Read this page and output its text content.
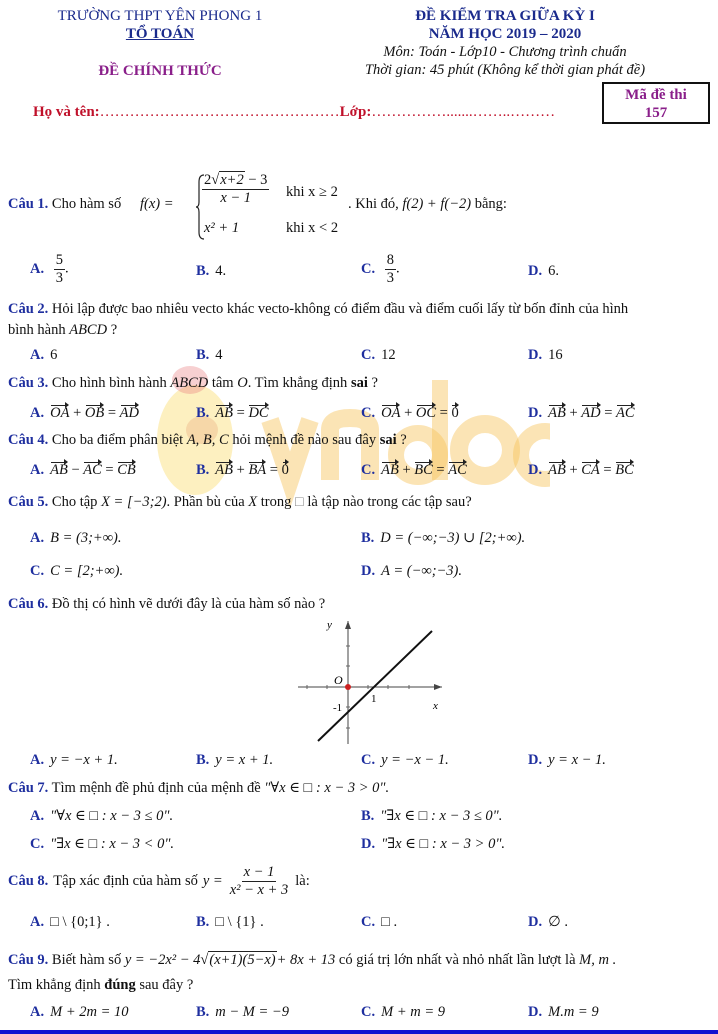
TRƯỜNG THPT YÊN PHONG 1
TỔ TOÁN
ĐỀ CHÍNH THỨC
ĐỀ KIỂM TRA GIỮA KỲ I
NĂM HỌC 2019 – 2020
Môn: Toán - Lớp10 - Chương trình chuẩn
Thời gian: 45 phút (Không kể thời gian phát đề)
Họ và tên:…………………………………………Lớp:…………….......……..………
Mã đề thi
157
Câu 1. Cho hàm số $f(x) = \frac{2√x+2 - 3}{x - 1}$ khi x ≥ 2
x² + 1	khi x < 2
. Khi đó, f(2) + f(−2) bằng:
A. $\frac{5}{3}$ .	B. 4.	C. $\frac{8}{3}$ .	D. 6.
Câu 2. Hỏi lập được bao nhiêu vecto khác vecto-không có điểm đầu và điểm cuối lấy từ bốn đỉnh của hình
bình hành ABCD ?
A. 6	B. 4	C. 12	D. 16
Câu 3. Cho hình bình hành ABCD tâm O. Tìm khẳng định sai ?
A. OA + OB = AD	B. AB = DC	C. OA + OC = 0	D. AB + AD = AC
Câu 4. Cho ba điểm phân biệt A, B, C hỏi mệnh đề nào sau đây sai ?
A. AB − AC = CB	B. AB + BA = 0	C. AB + BC = AC	D. AB + CA = BC
Câu 5. Cho tập X = [−3;2). Phần bù của X trong □ là tập nào trong các tập sau?
A. B = (3;+∞).	B. D = (−∞;−3) ∪ [2;+∞).
C. C = [2;+∞).	D. A = (−∞;−3).
Câu 6. Đồ thị có hình vẽ dưới đây là của hàm số nào ?
y
x
O
1
-1
A. y = −x + 1.	B. y = x + 1.	C. y = −x − 1.	D. y = x − 1.
Câu 7. Tìm mệnh đề phủ định của mệnh đề "∀x ∈ □ : x − 3 > 0".
A. "∀x ∈ □ : x − 3 ≤ 0".	B. "∃x ∈ □ : x − 3 ≤ 0".
C. "∃x ∈ □ : x − 3 < 0".	D. "∃x ∈ □ : x − 3 > 0".
Câu 8. Tập xác định của hàm số $y = \frac{x - 1}{\text{x² − x + 3}}$ là:
A. □ \ {0;1} .	B. □ \ {1} .	C. □ .	D. ∅ .
Câu 9. Biết hàm số y = −2x² − 4√(x+1)(5−x)+ 8x + 13 có giá trị lớn nhất và nhỏ nhất lần lượt là M, m .
Tìm khẳng định đúng sau đây ?
A. M + 2m = 10	B. m − M = −9	C. M + m = 9	D. M.m = 9
